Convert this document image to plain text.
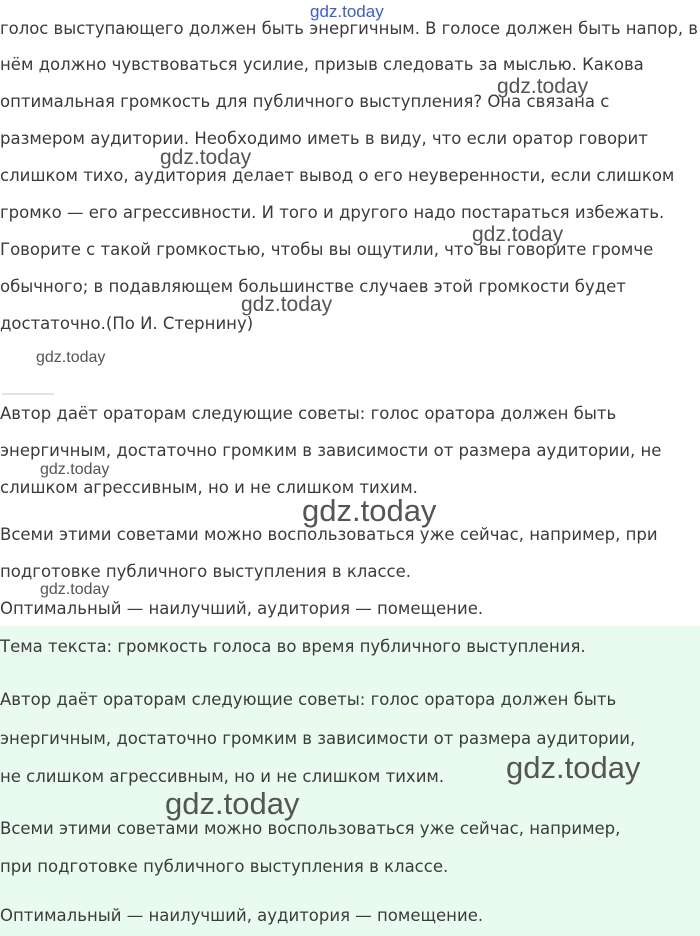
gdz.today
голос выступающего должен быть энергичным. В голосе должен быть напор, в
нём должно чувствоваться усилие, призыв следовать за мыслью. Какова
оптимальная громкость для публичного выступления? Она связана с
размером аудитории. Необходимо иметь в виду, что если оратор говорит
слишком тихо, аудитория делает вывод о его неуверенности, если слишком
громко — его агрессивности. И того и другого надо постараться избежать.
Говорите с такой громкостью, чтобы вы ощутили, что вы говорите громче
обычного; в подавляющем большинстве случаев этой громкости будет
достаточно.(По И. Стернину)
gdz.today
gdz.today
gdz.today
gdz.today
gdz.today
Автор даёт ораторам следующие советы: голос оратора должен быть
энергичным, достаточно громким в зависимости от размера аудитории, не
слишком агрессивным, но и не слишком тихим.
Всеми этими советами можно воспользоваться уже сейчас, например, при
подготовке публичного выступления в классе.
Оптимальный — наилучший, аудитория — помещение.
gdz.today
gdz.today
gdz.today
Тема текста: громкость голоса во время публичного выступления.
Автор даёт ораторам следующие советы: голос оратора должен быть
энергичным, достаточно громким в зависимости от размера аудитории,
не слишком агрессивным, но и не слишком тихим.
Всеми этими советами можно воспользоваться уже сейчас, например,
при подготовке публичного выступления в классе.
Оптимальный — наилучший, аудитория — помещение.
gdz.today
gdz.today
